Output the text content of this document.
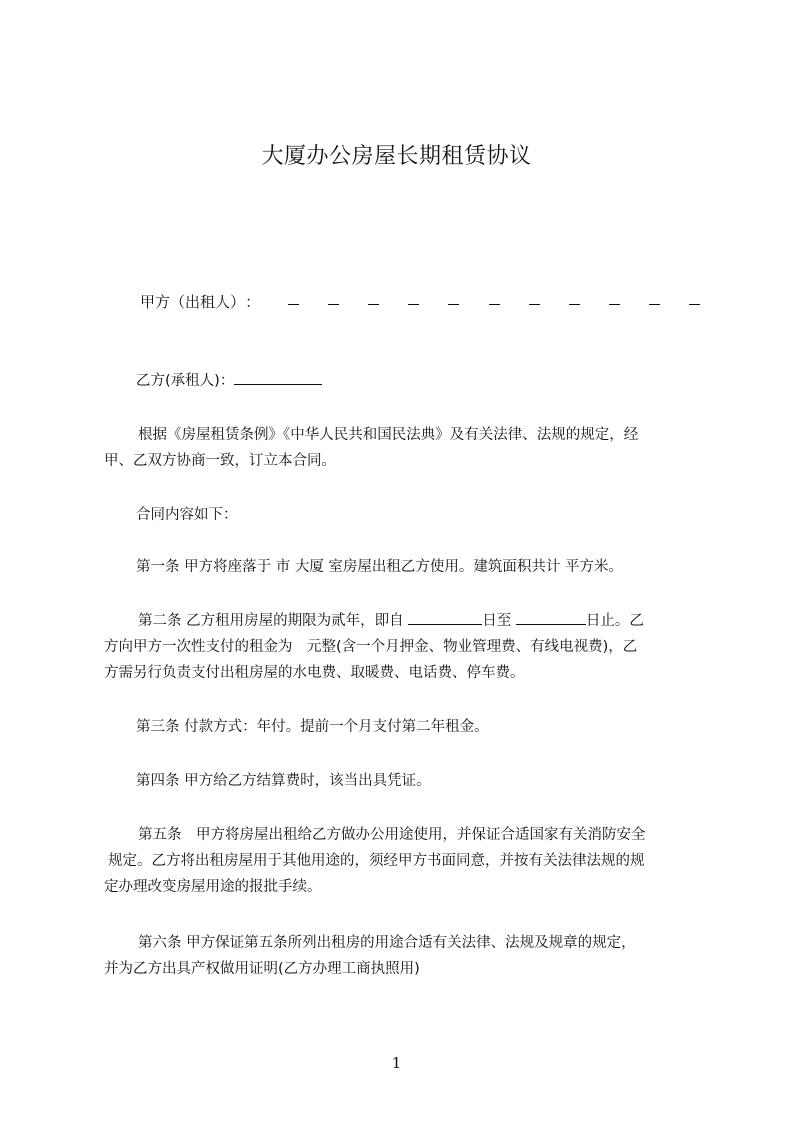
大厦办公房屋长期租赁协议
甲 方 （ 出 租 人 ） ：
乙方(承租人)：

根据《房屋租赁条例》《中华人民共和国民法典》及有关法律、法规的规定，经

甲、乙双方协商一致，订立本合同。

合同内容如下：
第一条 甲方将座落于 市 大厦 室房屋出租乙方使用。建筑面积共计 平方米。

第二条 乙方租用房屋的期限为贰年，即自	日至	日止。乙

方向甲方一次性支付的租金为　元整(含一个月押金、物业管理费、有线电视费)，乙

方需另行负责支付出租房屋的水电费、取暖费、电话费、停车费。

第三条 付款方式：年付。提前一个月支付第二年租金。
第四条 甲方给乙方结算费时，该当出具凭证。

第五条　甲方将房屋出租给乙方做办公用途使用，并保证合适国家有关消防安全

规定。乙方将出租房屋用于其他用途的，须经甲方书面同意，并按有关法律法规的规

定办理改变房屋用途的报批手续。

第六条 甲方保证第五条所列出租房的用途合适有关法律、法规及规章的规定，

并为乙方出具产权做用证明(乙方办理工商执照用)

1
